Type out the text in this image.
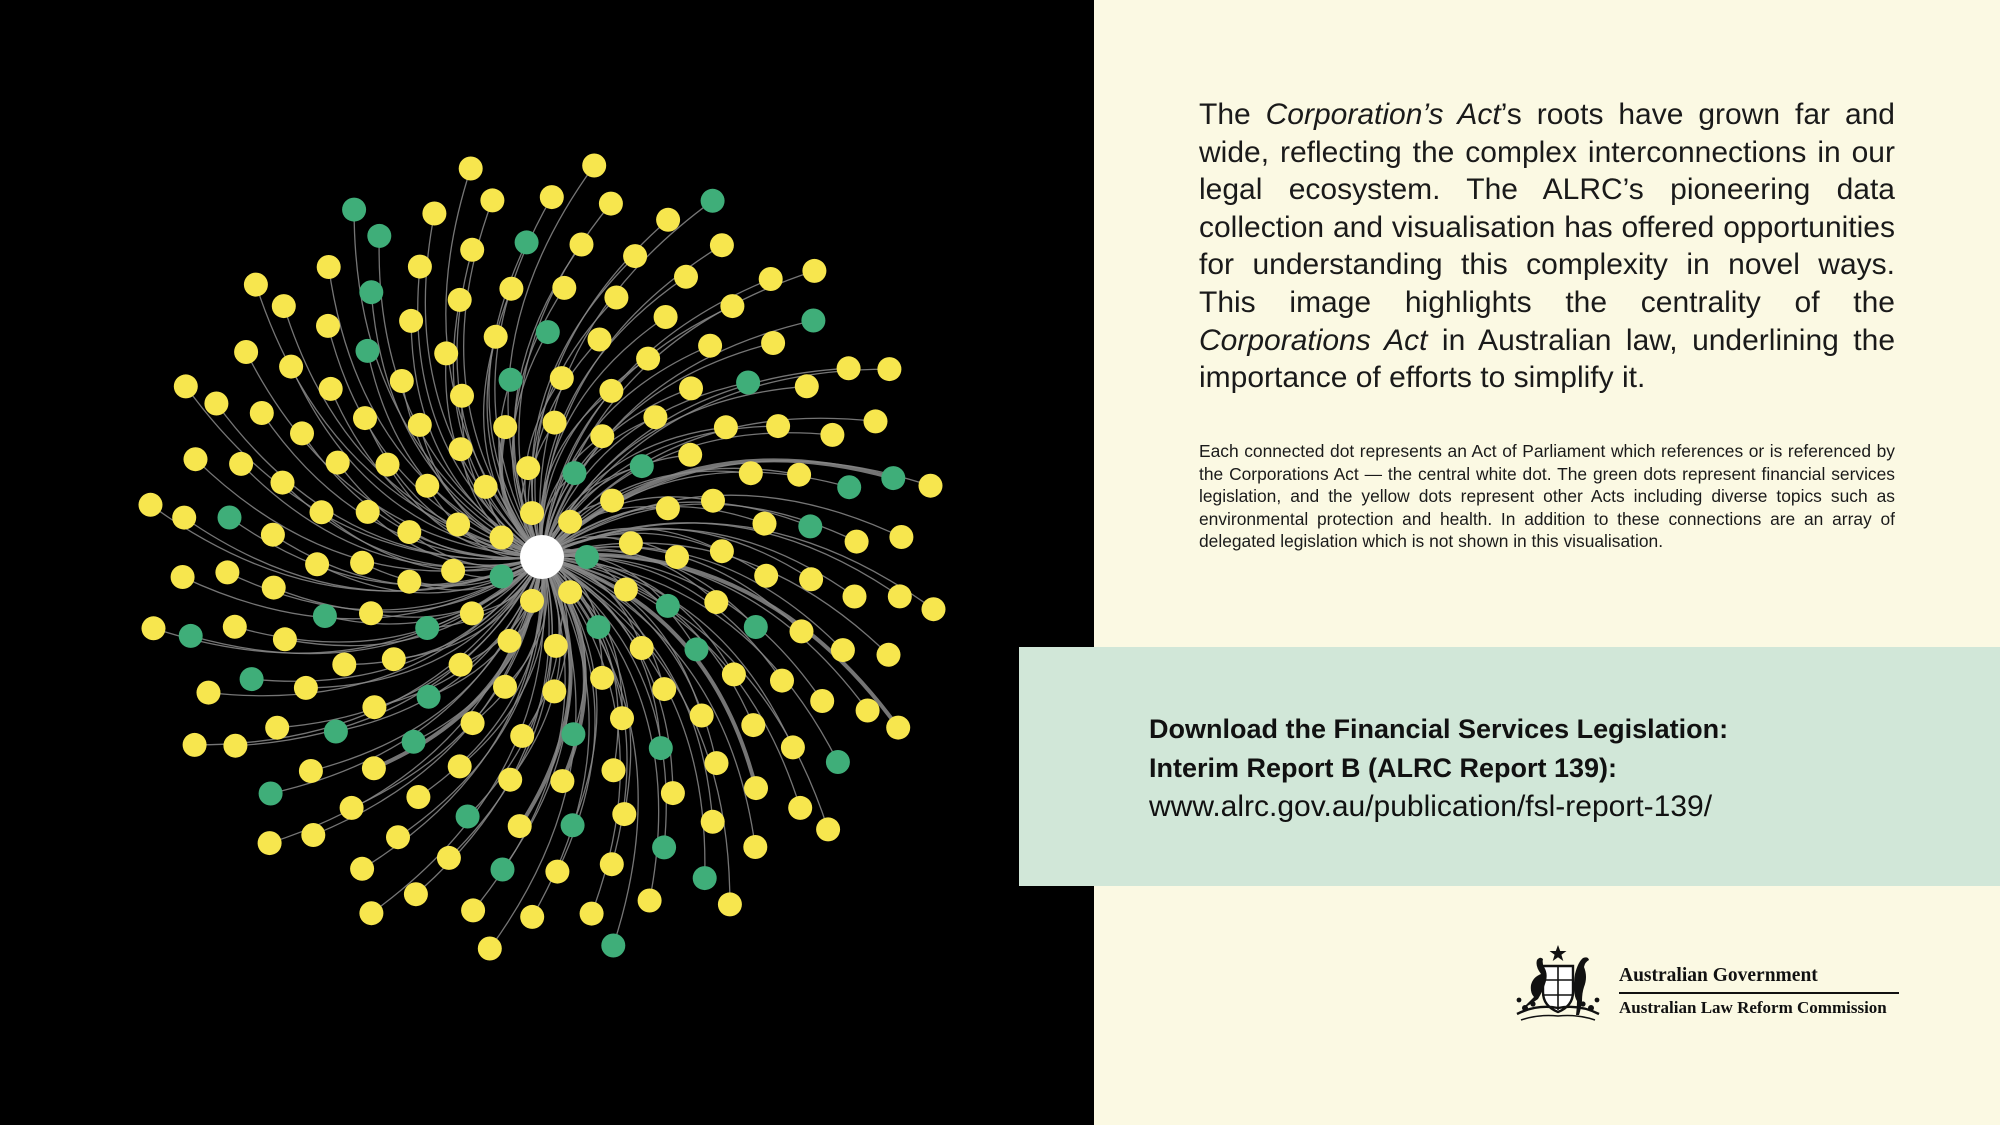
The Corporation’s Act’s roots have grown far and wide, reflecting the complex interconnections in our legal ecosystem. The ALRC’s pioneering data collection and visualisation has offered opportunities for understanding this complexity in novel ways. This image highlights the centrality of the Corporations Act in Australian law, underlining the importance of efforts to simplify it.

Each connected dot represents an Act of Parliament which references or is referenced by the Corporations Act — the central white dot. The green dots represent financial services legislation, and the yellow dots represent other Acts including diverse topics such as environmental protection and health. In addition to these connections are an array of delegated legislation which is not shown in this visualisation.

Download the Financial Services Legislation:
Interim Report B (ALRC Report 139):

www.alrc.gov.au/publication/fsl-report-139/

Australian Government
Australian Law Reform Commission
